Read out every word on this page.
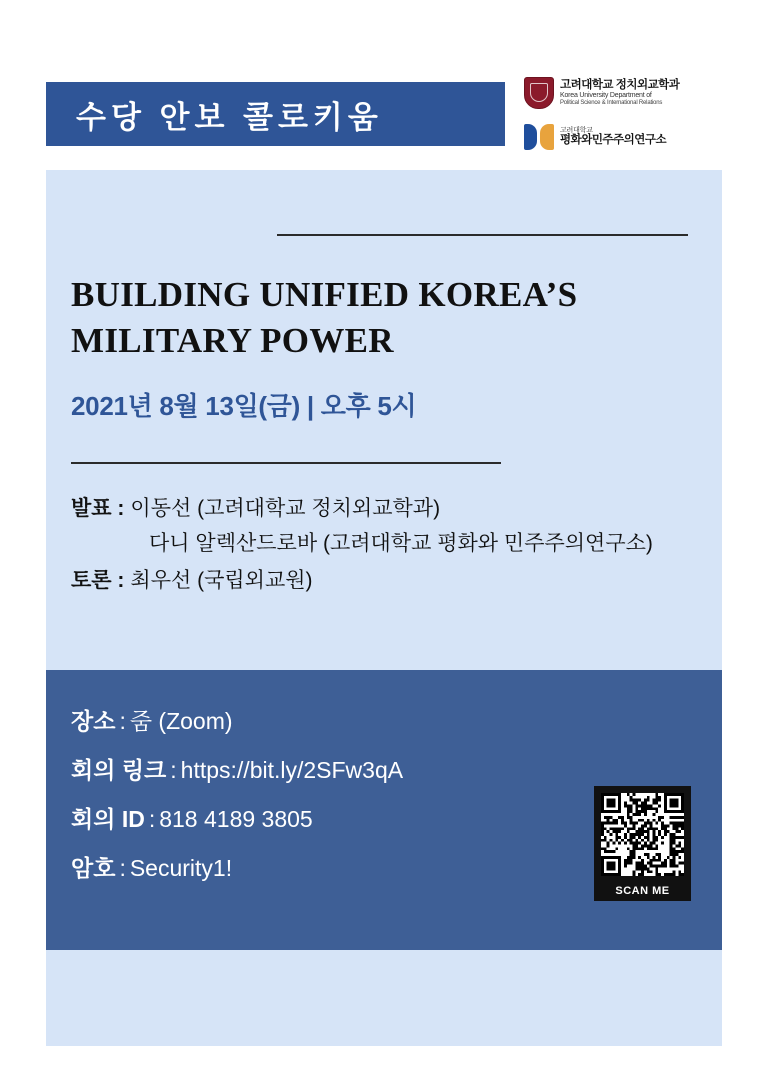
수당 안보 콜로키움
고려대학교 정치외교학과
Korea University Department of
Political Science & International Relations
고려대학교
평화와민주주의연구소
BUILDING UNIFIED KOREA’S MILITARY POWER
2021년 8월 13일(금) | 오후 5시
발표 : 이동선 (고려대학교 정치외교학과)
다니 알렉산드로바 (고려대학교 평화와 민주주의연구소)
토론 : 최우선 (국립외교원)
장소 : 줌 (Zoom)
회의 링크 : https://bit.ly/2SFw3qA
회의 ID : 818 4189 3805
암호 : Security1!
SCAN ME
